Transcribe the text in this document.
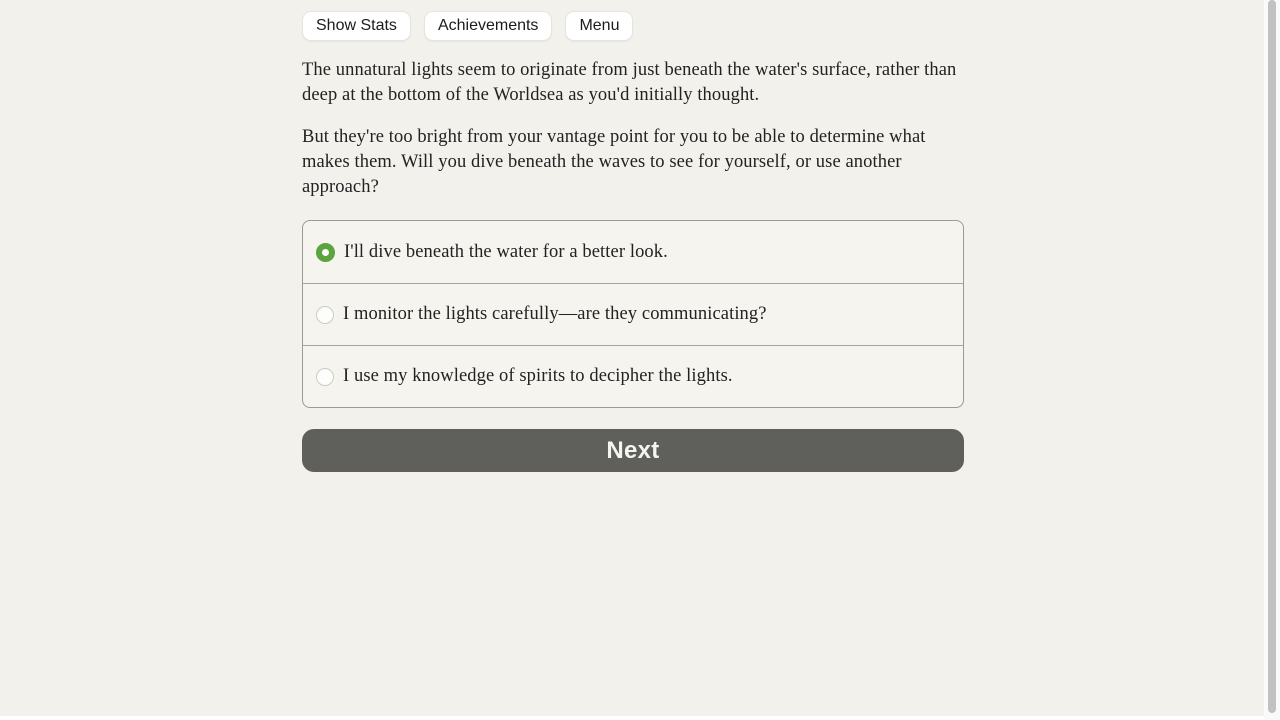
Show Stats	Achievements	Menu

The unnatural lights seem to originate from just beneath the water's surface, rather than deep at the bottom of the Worldsea as you'd initially thought.

But they're too bright from your vantage point for you to be able to determine what makes them. Will you dive beneath the waves to see for yourself, or use another approach?

I'll dive beneath the water for a better look.
I monitor the lights carefully—are they communicating?
I use my knowledge of spirits to decipher the lights.
Next
